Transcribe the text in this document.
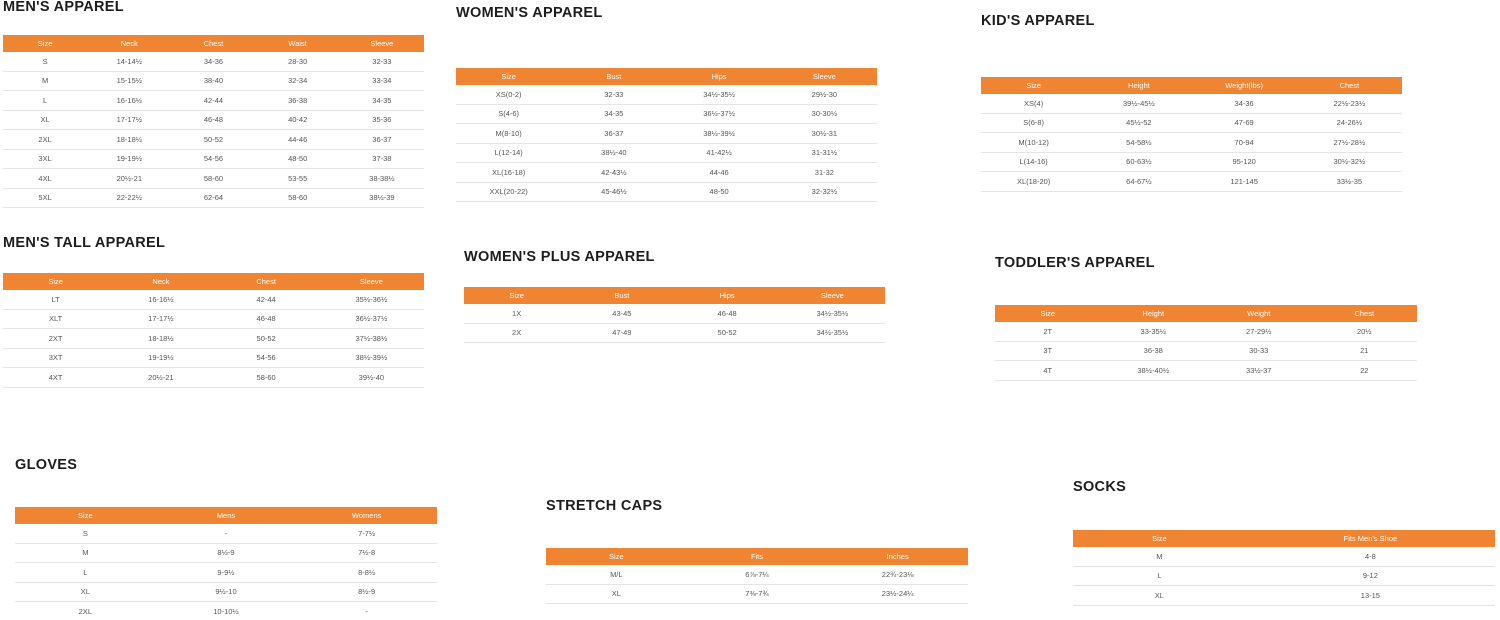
MEN'S APPAREL
Size	Neck	Chest	Waist	Sleeve
S	14-14½	34-36	28-30	32-33
M	15-15½	38-40	32-34	33-34
L	16-16½	42-44	36-38	34-35
XL	17-17½	46-48	40-42	35-36
2XL	18-18½	50-52	44-46	36-37
3XL	19-19½	54-56	48-50	37-38
4XL	20½-21	58-60	53-55	38-38½
5XL	22-22½	62-64	58-60	38½-39
WOMEN'S APPAREL
Size	Bust	Hips	Sleeve
XS(0-2)	32-33	34½-35½	29½-30
S(4-6)	34-35	36½-37½	30-30½
M(8-10)	36-37	38½-39½	30½-31
L(12-14)	38½-40	41-42½	31-31½
XL(16-18)	42-43½	44-46	31-32
XXL(20-22)	45-46½	48-50	32-32½
KID'S APPAREL
Size	Height	Weight(lbs)	Chest
XS(4)	39½-45½	34-36	22½-23½
S(6-8)	45½-52	47-69	24-26½
M(10-12)	54-58½	70-94	27½-28½
L(14-16)	60-63½	95-120	30½-32½
XL(18-20)	64-67½	121-145	33½-35
MEN'S TALL APPAREL
Size	Neck	Chest	Sleeve
LT	16-16½	42-44	35½-36½
XLT	17-17½	46-48	36½-37½
2XT	18-18½	50-52	37½-38½
3XT	19-19½	54-56	38½-39½
4XT	20½-21	58-60	39½-40
WOMEN'S PLUS APPAREL
Size	Bust	Hips	Sleeve
1X	43-45	46-48	34½-35½
2X	47-49	50-52	34½-35½
TODDLER'S APPAREL
Size	Height	Weight	Chest
2T	33-35½	27-29½	20½
3T	36-38	30-33	21
4T	38½-40½	33½-37	22
GLOVES
Size	Mens	Womens
S	-	7-7½
M	8½-9	7½-8
L	9-9½	8-8½
XL	9½-10	8½-9
2XL	10-10½	-
STRETCH CAPS
Size	Fits	Inches
M/L	6⅞-7¼	22¾-23⅛
XL	7⅜-7¾	23½-24¼
SOCKS
Size	Fits Men's Shoe
M	4-8
L	9-12
XL	13-15
